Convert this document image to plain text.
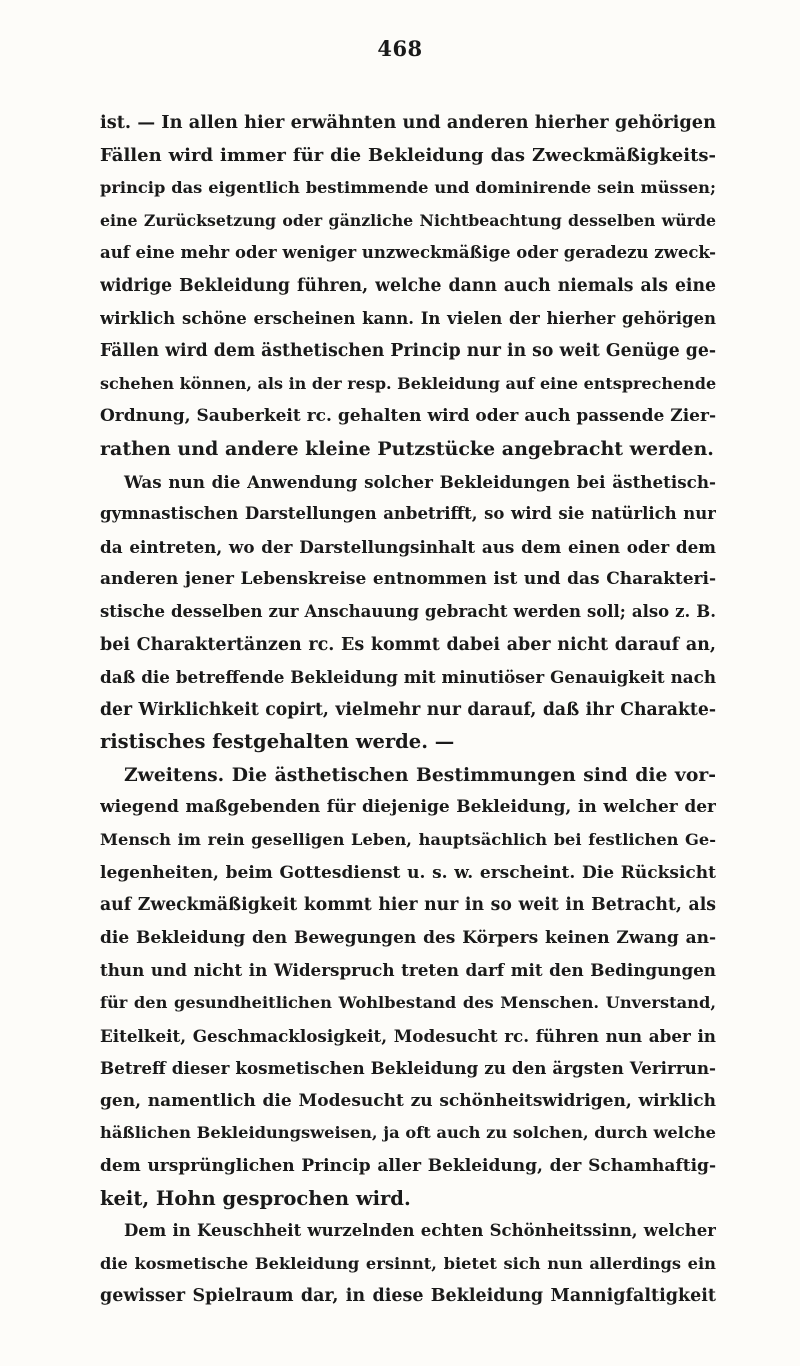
468
ist. — In allen hier erwähnten und anderen hierher gehörigen
Fällen wird immer für die Bekleidung das Zweckmäßigkeits-
princip das eigentlich bestimmende und dominirende sein müssen;
eine Zurücksetzung oder gänzliche Nichtbeachtung desselben würde
auf eine mehr oder weniger unzweckmäßige oder geradezu zweck-
widrige Bekleidung führen, welche dann auch niemals als eine
wirklich schöne erscheinen kann. In vielen der hierher gehörigen
Fällen wird dem ästhetischen Princip nur in so weit Genüge ge-
schehen können, als in der resp. Bekleidung auf eine entsprechende
Ordnung, Sauberkeit rc. gehalten wird oder auch passende Zier-
rathen und andere kleine Putzstücke angebracht werden.
Was nun die Anwendung solcher Bekleidungen bei ästhetisch-
gymnastischen Darstellungen anbetrifft, so wird sie natürlich nur
da eintreten, wo der Darstellungsinhalt aus dem einen oder dem
anderen jener Lebenskreise entnommen ist und das Charakteri-
stische desselben zur Anschauung gebracht werden soll; also z. B.
bei Charaktertänzen rc. Es kommt dabei aber nicht darauf an,
daß die betreffende Bekleidung mit minutiöser Genauigkeit nach
der Wirklichkeit copirt, vielmehr nur darauf, daß ihr Charakte-
ristisches festgehalten werde. —
Zweitens. Die ästhetischen Bestimmungen sind die vor-
wiegend maßgebenden für diejenige Bekleidung, in welcher der
Mensch im rein geselligen Leben, hauptsächlich bei festlichen Ge-
legenheiten, beim Gottesdienst u. s. w. erscheint. Die Rücksicht
auf Zweckmäßigkeit kommt hier nur in so weit in Betracht, als
die Bekleidung den Bewegungen des Körpers keinen Zwang an-
thun und nicht in Widerspruch treten darf mit den Bedingungen
für den gesundheitlichen Wohlbestand des Menschen. Unverstand,
Eitelkeit, Geschmacklosigkeit, Modesucht rc. führen nun aber in
Betreff dieser kosmetischen Bekleidung zu den ärgsten Verirrun-
gen, namentlich die Modesucht zu schönheitswidrigen, wirklich
häßlichen Bekleidungsweisen, ja oft auch zu solchen, durch welche
dem ursprünglichen Princip aller Bekleidung, der Schamhaftig-
keit, Hohn gesprochen wird.
Dem in Keuschheit wurzelnden echten Schönheitssinn, welcher
die kosmetische Bekleidung ersinnt, bietet sich nun allerdings ein
gewisser Spielraum dar, in diese Bekleidung Mannigfaltigkeit
